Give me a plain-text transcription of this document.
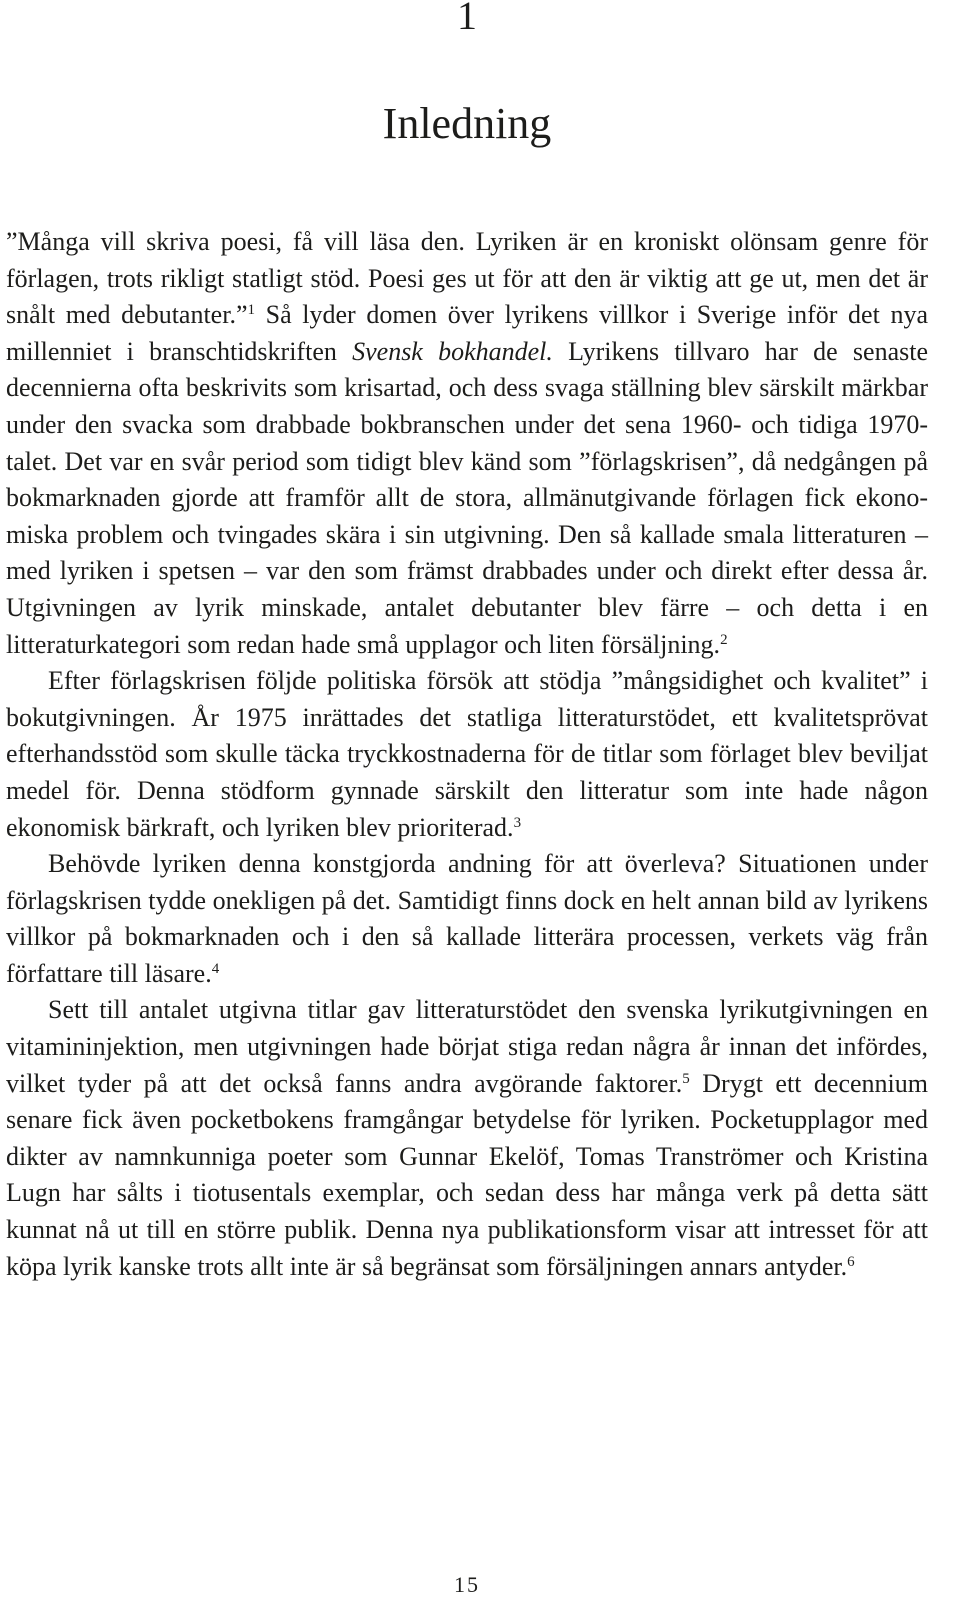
1
Inledning

”Många vill skriva poesi, få vill läsa den. Lyriken är en kroniskt olönsam genre för förlagen, trots rikligt statligt stöd. Poesi ges ut för att den är viktig att ge ut, men det är snålt med debutanter.”$^1$ Så lyder domen över lyrikens villkor i Sverige inför det nya millenniet i branschtidskriften Svensk bokhandel. Lyrikens tillvaro har de senaste decennierna ofta beskrivits som krisartad, och dess svaga ställning blev särskilt märkbar under den svacka som drabbade bokbranschen under det sena 1960- och tidiga 1970-talet. Det var en svår period som tidigt blev känd som ”förlagskrisen”, då nedgången på bokmarknaden gjorde att framför allt de stora, allmänutgivande förlagen fick ekonomiska problem och tvingades skära i sin utgivning. Den så kallade smala litteraturen – med lyriken i spetsen – var den som främst drabbades under och direkt efter dessa år. Utgivningen av lyrik minskade, antalet debutanter blev färre – och detta i en litteraturkategori som redan hade små upplagor och liten försäljning.$^2$

Efter förlagskrisen följde politiska försök att stödja ”mångsidighet och kvalitet” i bokutgivningen. År 1975 inrättades det statliga litteraturstödet, ett kvalitetsprövat efterhandsstöd som skulle täcka tryckkostnaderna för de titlar som förlaget blev beviljat medel för. Denna stödform gynnade särskilt den litteratur som inte hade någon ekonomisk bärkraft, och lyriken blev prioriterad.$^3$

Behövde lyriken denna konstgjorda andning för att överleva? Situationen under förlagskrisen tydde onekligen på det. Samtidigt finns dock en helt annan bild av lyrikens villkor på bokmarknaden och i den så kallade litterära processen, verkets väg från författare till läsare.$^4$

Sett till antalet utgivna titlar gav litteraturstödet den svenska lyrikutgivningen en vitamininjektion, men utgivningen hade börjat stiga redan några år innan det infördes, vilket tyder på att det också fanns andra avgörande faktorer.$^5$ Drygt ett decennium senare fick även pocketbokens framgångar betydelse för lyriken. Pocketupplagor med dikter av namnkunniga poeter som Gunnar Ekelöf, Tomas Tranströmer och Kristina Lugn har sålts i tiotusentals exemplar, och sedan dess har många verk på detta sätt kunnat nå ut till en större publik. Denna nya publikationsform visar att intresset för att köpa lyrik kanske trots allt inte är så begränsat som försäljningen annars antyder.$^6$

15
